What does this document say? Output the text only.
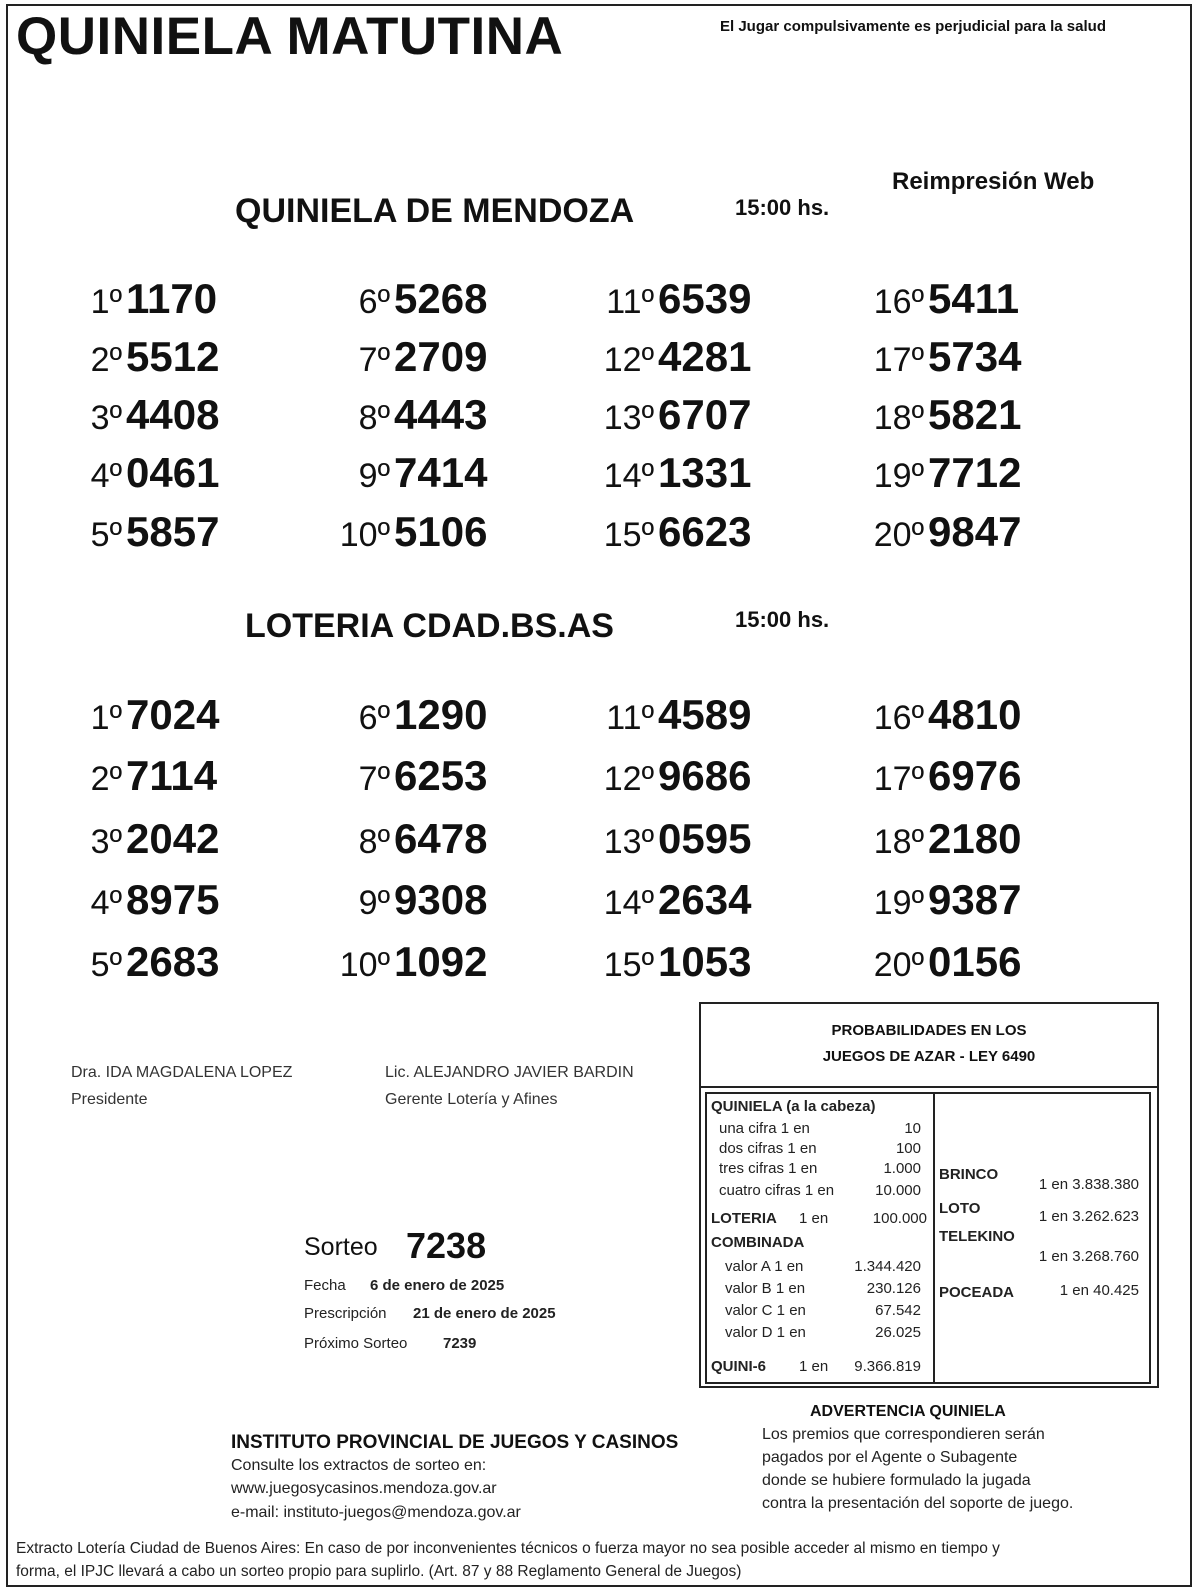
QUINIELA MATUTINA	El Jugar compulsivamente es perjudicial para la salud
Reimpresión Web
QUINIELA DE MENDOZA	15:00 hs.
1º1170
2º5512
3º4408
4º0461
5º5857
6º5268
7º2709
8º4443
9º7414
10º5106
11º6539
12º4281
13º6707
14º1331
15º6623
16º5411
17º5734
18º5821
19º7712
20º9847
LOTERIA CDAD.BS.AS	15:00 hs.
1º7024
2º7114
3º2042
4º8975
5º2683
6º1290
7º6253
8º6478
9º9308
10º1092
11º4589
12º9686
13º0595
14º2634
15º1053
16º4810
17º6976
18º2180
19º9387
20º0156
Dra. IDA MAGDALENA LOPEZ
Presidente
Lic. ALEJANDRO JAVIER BARDIN
Gerente Lotería y Afines
Sorteo 7238
Fecha 6 de enero de 2025
Prescripción 21 de enero de 2025
Próximo Sorteo 7239
PROBABILIDADES EN LOS
JUEGOS DE AZAR - LEY 6490
QUINIELA (a la cabeza)
una cifra 1 en	10
dos cifras 1 en	100
tres cifras 1 en	1.000
cuatro cifras 1 en	10.000
LOTERIA 1 en	100.000
COMBINADA
valor A 1 en	1.344.420
valor B 1 en	230.126
valor C 1 en	67.542
valor D 1 en	26.025
QUINI-6 1 en 9.366.819
BRINCO
1 en 3.838.380
LOTO	1 en 3.262.623
TELEKINO
1 en 3.268.760
POCEADA	1 en 40.425
INSTITUTO PROVINCIAL DE JUEGOS Y CASINOS
Consulte los extractos de sorteo en:
www.juegosycasinos.mendoza.gov.ar
e-mail: instituto-juegos@mendoza.gov.ar
ADVERTENCIA QUINIELA
Los premios que correspondieren serán
pagados por el Agente o Subagente
donde se hubiere formulado la jugada
contra la presentación del soporte de juego.
Extracto Lotería Ciudad de Buenos Aires: En caso de por inconvenientes técnicos o fuerza mayor no sea posible acceder al mismo en tiempo y
forma, el IPJC llevará a cabo un sorteo propio para suplirlo. (Art. 87 y 88 Reglamento General de Juegos)
